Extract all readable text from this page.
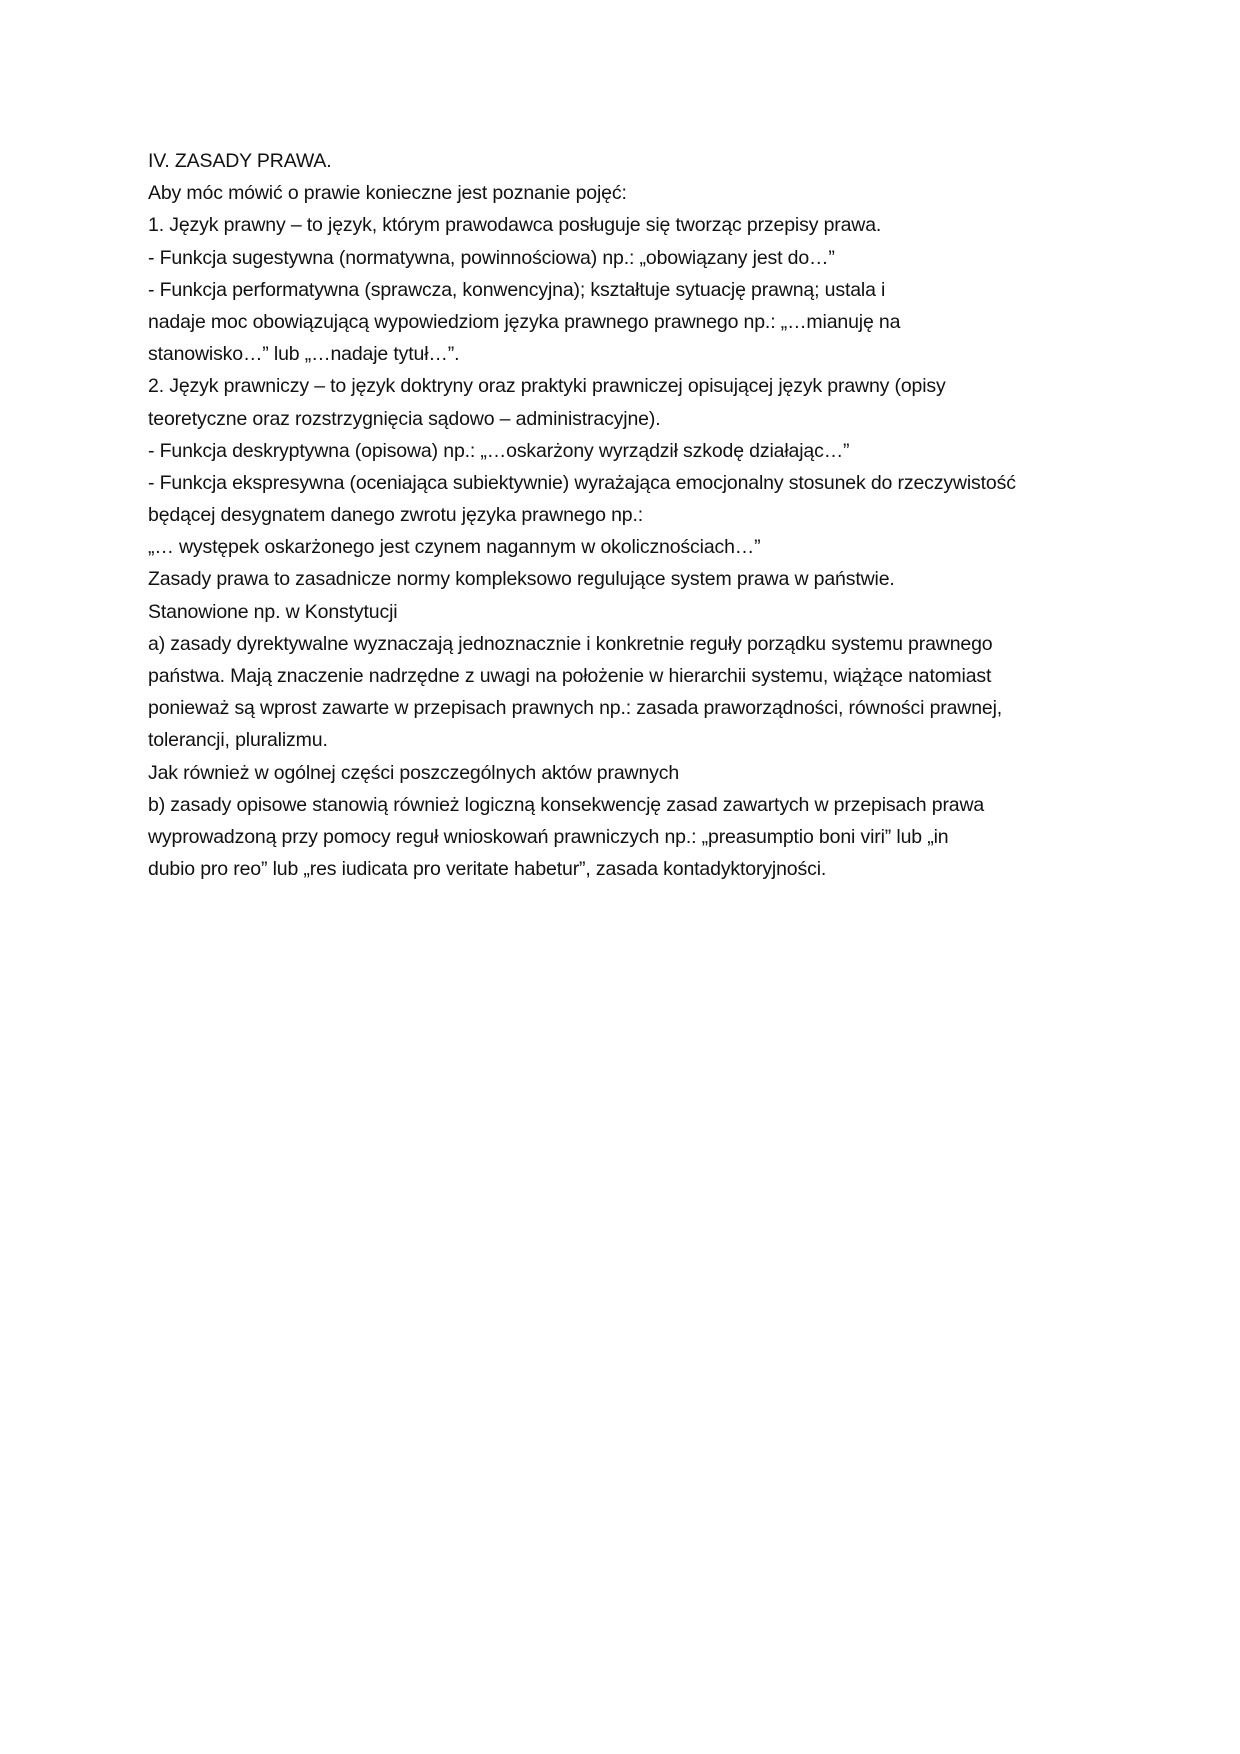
IV. ZASADY PRAWA.
Aby móc mówić o prawie konieczne jest poznanie pojęć:
1. Język prawny – to język, którym prawodawca posługuje się tworząc przepisy prawa.
- Funkcja sugestywna (normatywna, powinnościowa) np.: „obowiązany jest do…”
- Funkcja performatywna (sprawcza, konwencyjna); kształtuje sytuację prawną; ustala i
nadaje moc obowiązującą wypowiedziom języka prawnego prawnego np.: „…mianuję na
stanowisko…” lub „…nadaje tytuł…”.
2. Język prawniczy – to język doktryny oraz praktyki prawniczej opisującej język prawny (opisy
teoretyczne oraz rozstrzygnięcia sądowo – administracyjne).
- Funkcja deskryptywna (opisowa) np.: „…oskarżony wyrządził szkodę działając…”
- Funkcja ekspresywna (oceniająca subiektywnie) wyrażająca emocjonalny stosunek do rzeczywistość
będącej desygnatem danego zwrotu języka prawnego np.:
„… występek oskarżonego jest czynem nagannym w okolicznościach…”
Zasady prawa to zasadnicze normy kompleksowo regulujące system prawa w państwie.
Stanowione np. w Konstytucji
a) zasady dyrektywalne wyznaczają jednoznacznie i konkretnie reguły porządku systemu prawnego
państwa. Mają znaczenie nadrzędne z uwagi na położenie w hierarchii systemu, wiążące natomiast
ponieważ są wprost zawarte w przepisach prawnych np.: zasada praworządności, równości prawnej,
tolerancji, pluralizmu.
Jak również w ogólnej części poszczególnych aktów prawnych
b) zasady opisowe stanowią również logiczną konsekwencję zasad zawartych w przepisach prawa
wyprowadzoną przy pomocy reguł wnioskowań prawniczych np.: „preasumptio boni viri” lub „in
dubio pro reo” lub „res iudicata pro veritate habetur”, zasada kontadyktoryjności.
